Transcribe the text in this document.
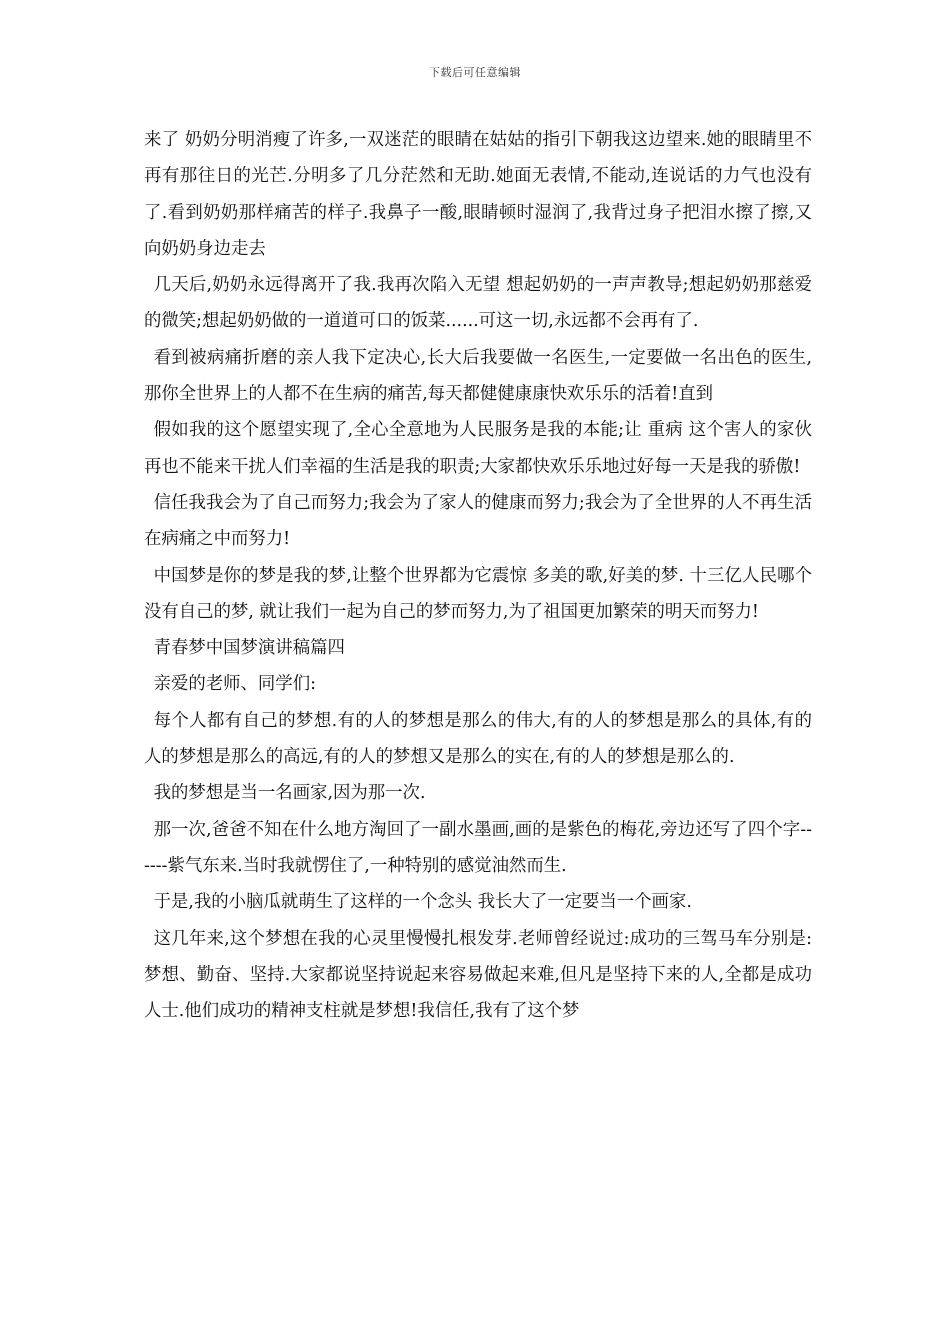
下载后可任意编辑

来了 奶奶分明消瘦了许多,一双迷茫的眼睛在姑姑的指引下朝我这边望来.她的眼睛里不再有那往日的光芒.分明多了几分茫然和无助.她面无表情,不能动,连说话的力气也没有了.看到奶奶那样痛苦的样子.我鼻子一酸,眼睛顿时湿润了,我背过身子把泪水擦了擦,又向奶奶身边走去

几天后,奶奶永远得离开了我.我再次陷入无望 想起奶奶的一声声教导;想起奶奶那慈爱的微笑;想起奶奶做的一道道可口的饭菜......可这一切,永远都不会再有了.

看到被病痛折磨的亲人我下定决心,长大后我要做一名医生,一定要做一名出色的医生,那你全世界上的人都不在生病的痛苦,每天都健健康康快欢乐乐的活着!直到

假如我的这个愿望实现了,全心全意地为人民服务是我的本能;让 重病 这个害人的家伙再也不能来干扰人们幸福的生活是我的职责;大家都快欢乐乐地过好每一天是我的骄傲!

信任我我会为了自己而努力;我会为了家人的健康而努力;我会为了全世界的人不再生活在病痛之中而努力!

中国梦是你的梦是我的梦,让整个世界都为它震惊 多美的歌,好美的梦. 十三亿人民哪个没有自己的梦, 就让我们一起为自己的梦而努力,为了祖国更加繁荣的明天而努力!

青春梦中国梦演讲稿篇四

亲爱的老师、同学们:

每个人都有自己的梦想.有的人的梦想是那么的伟大,有的人的梦想是那么的具体,有的人的梦想是那么的高远,有的人的梦想又是那么的实在,有的人的梦想是那么的.

我的梦想是当一名画家,因为那一次.

那一次,爸爸不知在什么地方淘回了一副水墨画,画的是紫色的梅花,旁边还写了四个字------紫气东来.当时我就愣住了,一种特别的感觉油然而生.

于是,我的小脑瓜就萌生了这样的一个念头 我长大了一定要当一个画家.

这几年来,这个梦想在我的心灵里慢慢扎根发芽.老师曾经说过:成功的三驾马车分别是:梦想、勤奋、坚持.大家都说坚持说起来容易做起来难,但凡是坚持下来的人,全都是成功人士.他们成功的精神支柱就是梦想!我信任,我有了这个梦
